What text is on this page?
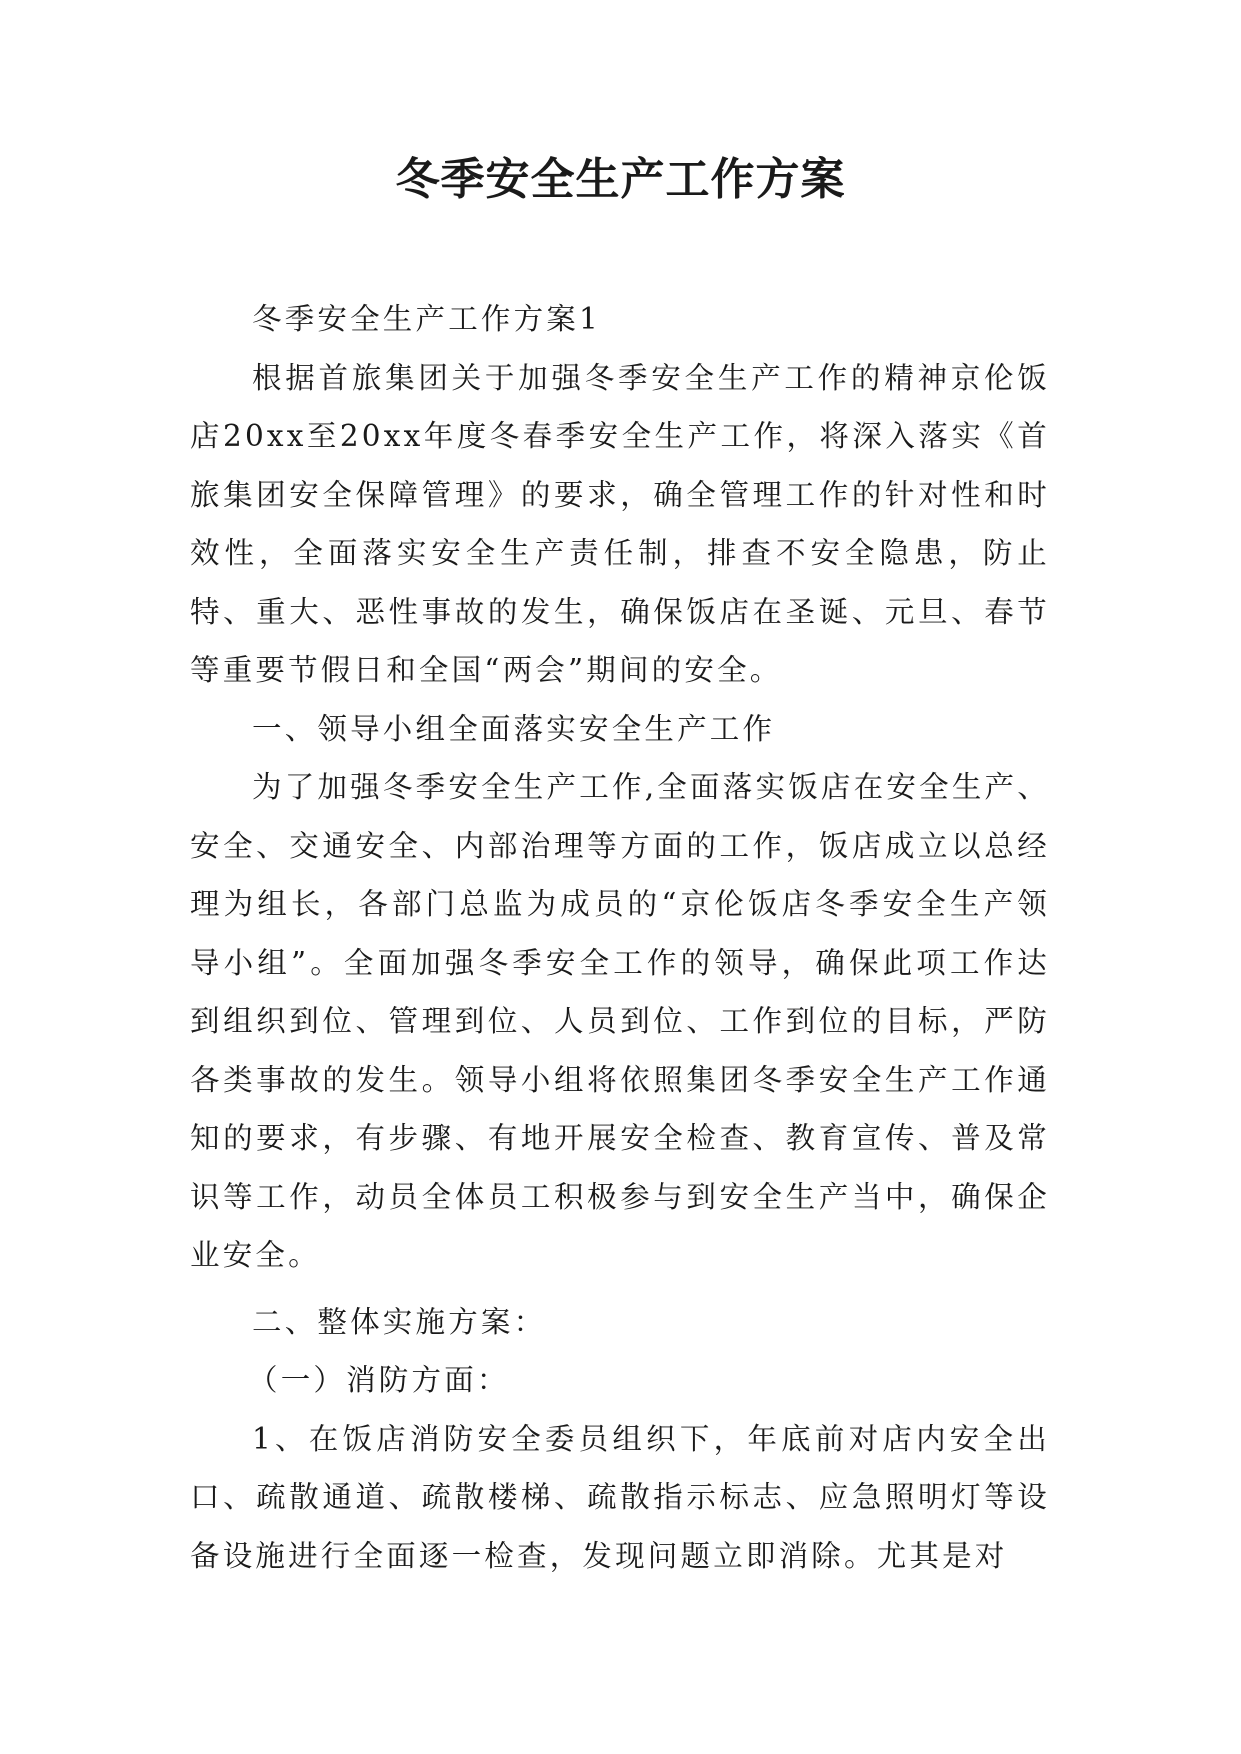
冬季安全生产工作方案

冬季安全生产工作方案1

根据首旅集团关于加强冬季安全生产工作的精神京伦饭店20xx至20xx年度冬春季安全生产工作，将深入落实《首旅集团安全保障管理》的要求，确全管理工作的针对性和时效性，全面落实安全生产责任制，排查不安全隐患，防止特、重大、恶性事故的发生，确保饭店在圣诞、元旦、春节等重要节假日和全国“两会”期间的安全。

一、领导小组全面落实安全生产工作

为了加强冬季安全生产工作,全面落实饭店在安全生产、安全、交通安全、内部治理等方面的工作，饭店成立以总经理为组长，各部门总监为成员的“京伦饭店冬季安全生产领导小组”。全面加强冬季安全工作的领导，确保此项工作达到组织到位、管理到位、人员到位、工作到位的目标，严防各类事故的发生。领导小组将依照集团冬季安全生产工作通知的要求，有步骤、有地开展安全检查、教育宣传、普及常识等工作，动员全体员工积极参与到安全生产当中，确保企业安全。

二、整体实施方案：

（一）消防方面：

1、在饭店消防安全委员组织下，年底前对店内安全出口、疏散通道、疏散楼梯、疏散指示标志、应急照明灯等设备设施进行全面逐一检查，发现问题立即消除。尤其是对
